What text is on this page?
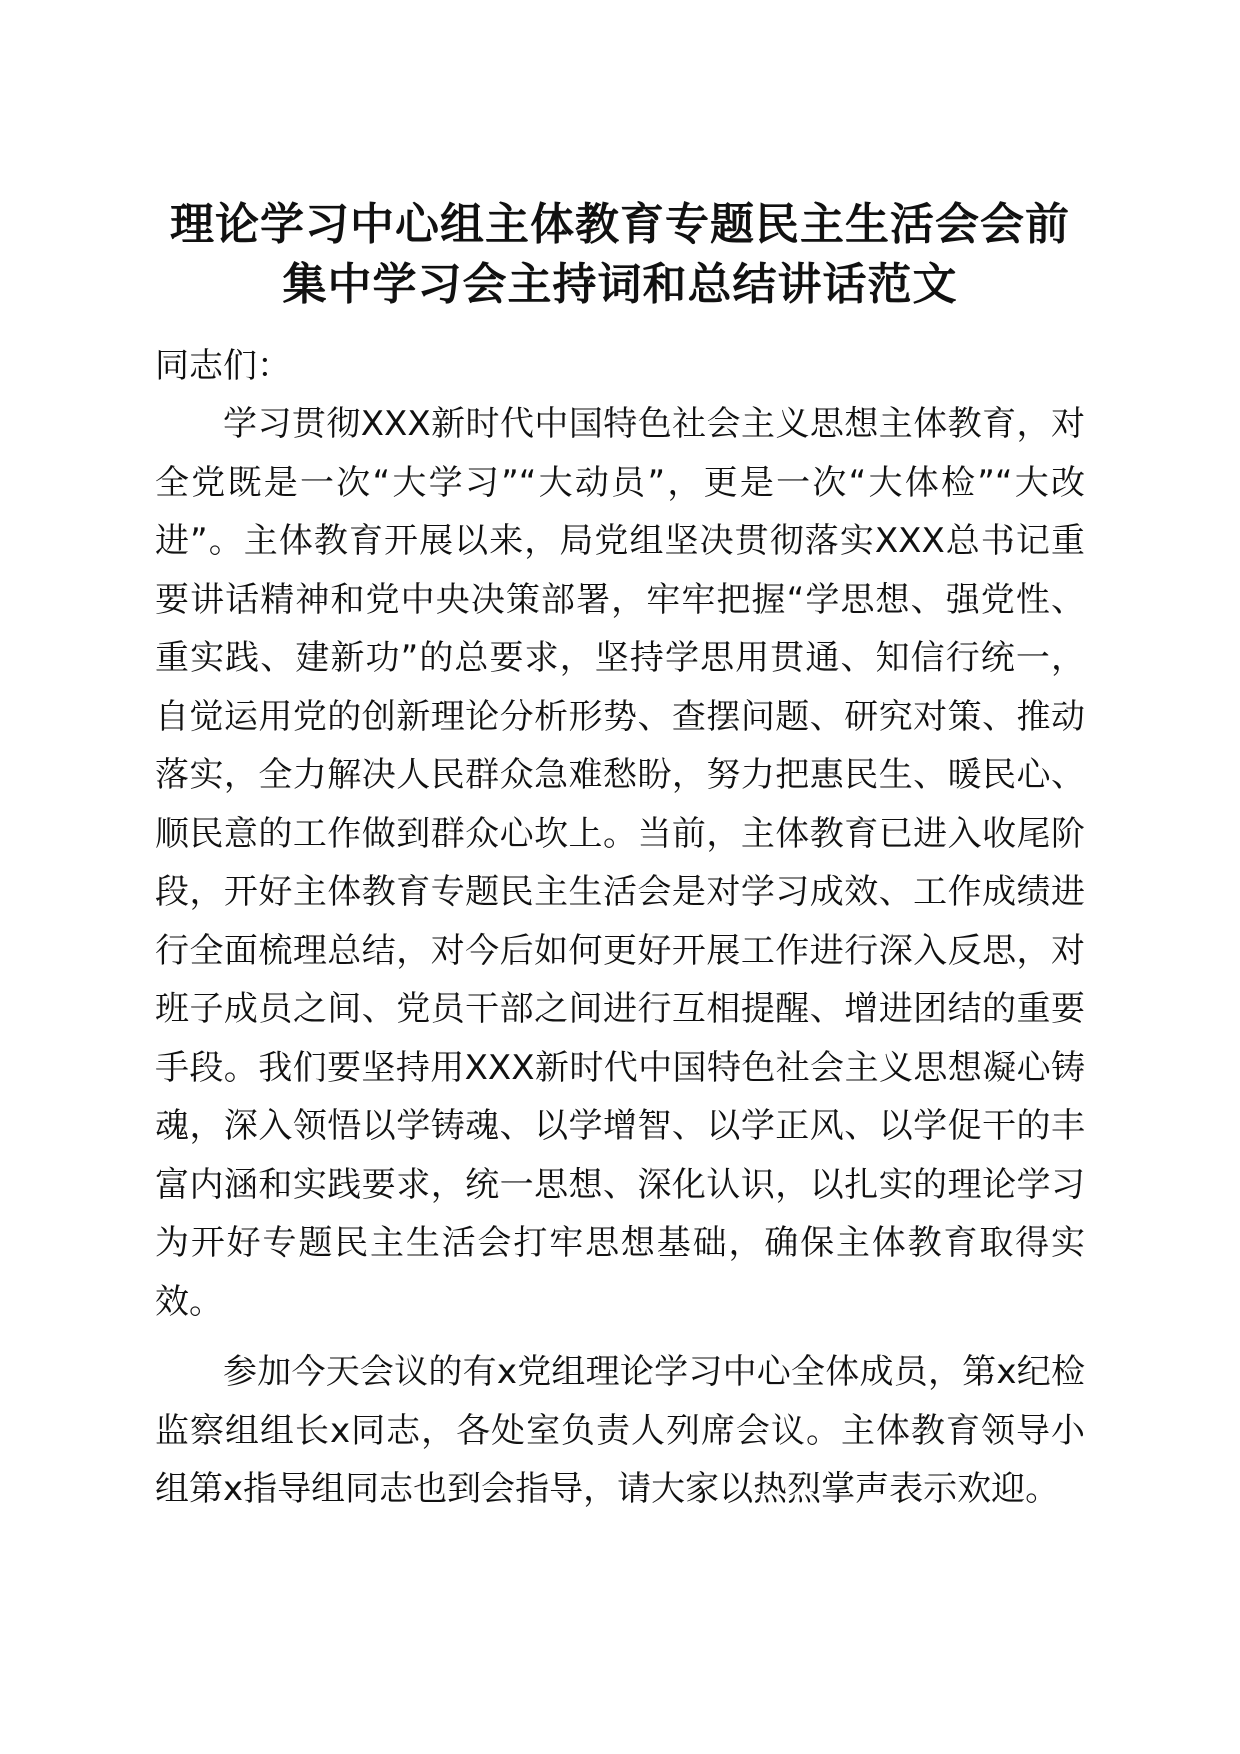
理论学习中心组主体教育专题民主生活会会前
集中学习会主持词和总结讲话范文

同志们：

学习贯彻XXX新时代中国特色社会主义思想主体教育，对全党既是一次“大学习”“大动员”，更是一次“大体检”“大改进”。主体教育开展以来，局党组坚决贯彻落实XXX总书记重要讲话精神和党中央决策部署，牢牢把握“学思想、强党性、重实践、建新功”的总要求，坚持学思用贯通、知信行统一，自觉运用党的创新理论分析形势、查摆问题、研究对策、推动落实，全力解决人民群众急难愁盼，努力把惠民生、暖民心、顺民意的工作做到群众心坎上。当前，主体教育已进入收尾阶段，开好主体教育专题民主生活会是对学习成效、工作成绩进行全面梳理总结，对今后如何更好开展工作进行深入反思，对班子成员之间、党员干部之间进行互相提醒、增进团结的重要手段。我们要坚持用XXX新时代中国特色社会主义思想凝心铸魂，深入领悟以学铸魂、以学增智、以学正风、以学促干的丰富内涵和实践要求，统一思想、深化认识，以扎实的理论学习为开好专题民主生活会打牢思想基础，确保主体教育取得实效。

参加今天会议的有x党组理论学习中心全体成员，第x纪检监察组组长x同志，各处室负责人列席会议。主体教育领导小组第x指导组同志也到会指导，请大家以热烈掌声表示欢迎。
